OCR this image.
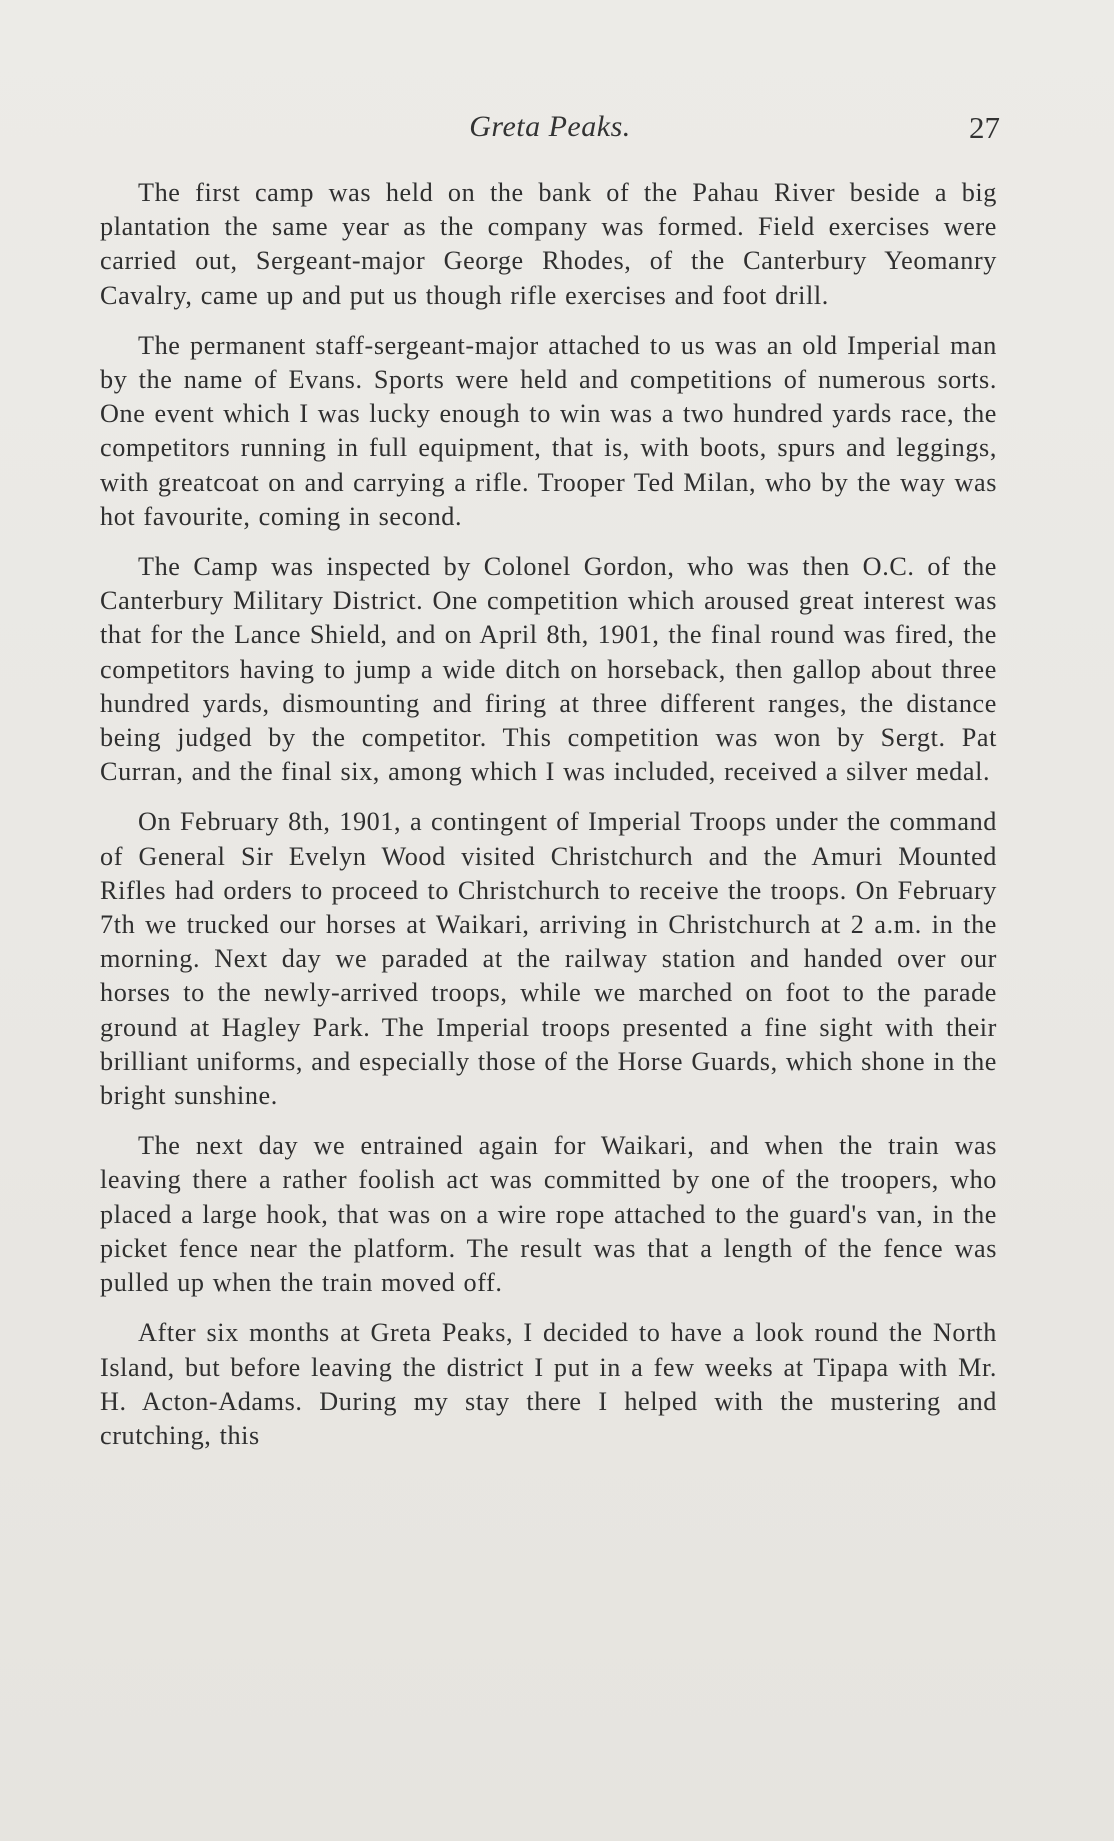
Greta Peaks.	27

The first camp was held on the bank of the Pahau River beside a big plantation the same year as the company was formed. Field exercises were carried out, Sergeant-major George Rhodes, of the Canterbury Yeomanry Cavalry, came up and put us though rifle exercises and foot drill.

The permanent staff-sergeant-major attached to us was an old Imperial man by the name of Evans. Sports were held and competitions of numerous sorts. One event which I was lucky enough to win was a two hundred yards race, the competitors running in full equipment, that is, with boots, spurs and leggings, with greatcoat on and carrying a rifle. Trooper Ted Milan, who by the way was hot favourite, coming in second.

The Camp was inspected by Colonel Gordon, who was then O.C. of the Canterbury Military District. One competition which aroused great interest was that for the Lance Shield, and on April 8th, 1901, the final round was fired, the competitors having to jump a wide ditch on horseback, then gallop about three hundred yards, dismounting and firing at three different ranges, the distance being judged by the competitor. This competition was won by Sergt. Pat Curran, and the final six, among which I was included, received a silver medal.

On February 8th, 1901, a contingent of Imperial Troops under the command of General Sir Evelyn Wood visited Christchurch and the Amuri Mounted Rifles had orders to proceed to Christchurch to receive the troops. On February 7th we trucked our horses at Waikari, arriving in Christchurch at 2 a.m. in the morning. Next day we paraded at the railway station and handed over our horses to the newly-arrived troops, while we marched on foot to the parade ground at Hagley Park. The Imperial troops presented a fine sight with their brilliant uniforms, and especially those of the Horse Guards, which shone in the bright sunshine.

The next day we entrained again for Waikari, and when the train was leaving there a rather foolish act was committed by one of the troopers, who placed a large hook, that was on a wire rope attached to the guard's van, in the picket fence near the platform. The result was that a length of the fence was pulled up when the train moved off.

After six months at Greta Peaks, I decided to have a look round the North Island, but before leaving the district I put in a few weeks at Tipapa with Mr. H. Acton-Adams. During my stay there I helped with the mustering and crutching, this
